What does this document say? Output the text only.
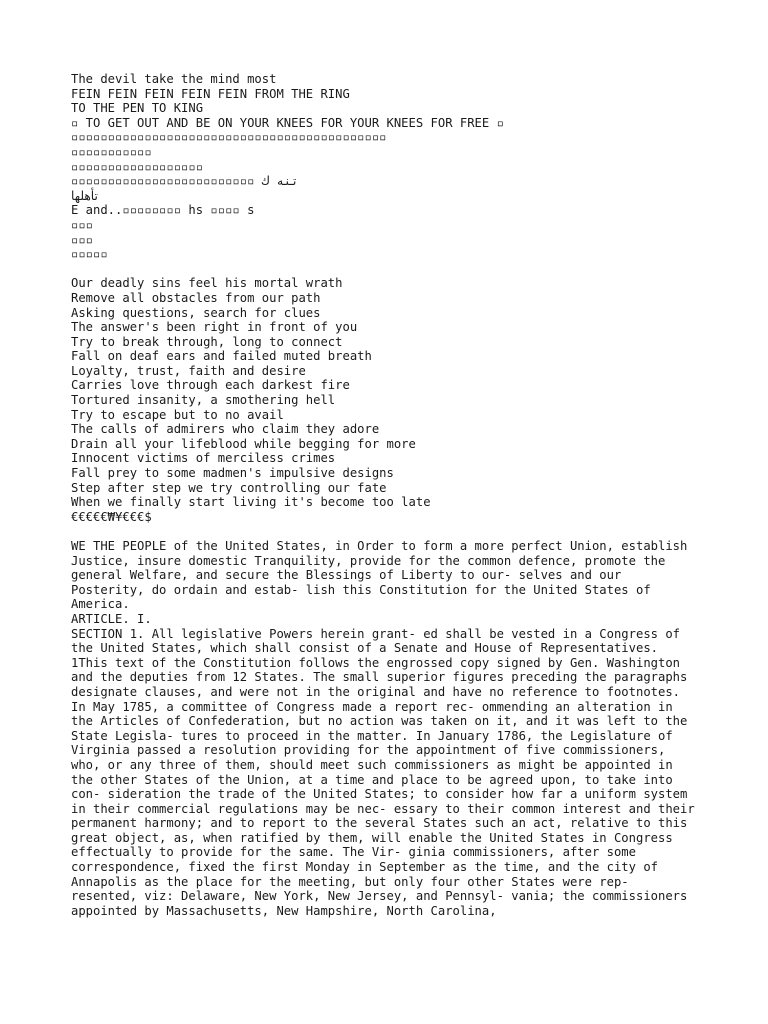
The devil take the mind most
FEIN FEIN FEIN FEIN FEIN FROM THE RING
TO THE PEN TO KING
▫ TO GET OUT AND BE ON YOUR KNEES FOR YOUR KNEES FOR FREE ▫
▫▫▫▫▫▫▫▫▫▫▫▫▫▫▫▫▫▫▫▫▫▫▫▫▫▫▫▫▫▫▫▫▫▫▫▫▫▫▫▫▫▫▫
▫▫▫▫▫▫▫▫▫▫▫
▫▫▫▫▫▫▫▫▫▫▫▫▫▫▫▫▫▫
▫▫▫▫▫▫▫▫▫▫▫▫▫▫▫▫▫▫▫▫▫▫▫▫▫ تنه ك
تأهلها
E and..▫▫▫▫▫▫▫▫ hs ▫▫▫▫ s
▫▫▫
▫▫▫
▫▫▫▫▫
Our deadly sins feel his mortal wrath
Remove all obstacles from our path
Asking questions, search for clues
The answer's been right in front of you
Try to break through, long to connect
Fall on deaf ears and failed muted breath
Loyalty, trust, faith and desire
Carries love through each darkest fire
Tortured insanity, a smothering hell
Try to escape but to no avail
The calls of admirers who claim they adore
Drain all your lifeblood while begging for more
Innocent victims of merciless crimes
Fall prey to some madmen's impulsive designs
Step after step we try controlling our fate
When we finally start living it's become too late
€€€€€₩¥€€€$
WE THE PEOPLE of the United States, in Order to form a more perfect Union, establish Justice, insure domestic Tranquility, provide for the common defence, promote the general Welfare, and secure the Blessings of Liberty to our- selves and our Posterity, do ordain and estab- lish this Constitution for the United States of America.
ARTICLE. I.
SECTION 1. All legislative Powers herein grant- ed shall be vested in a Congress of the United States, which shall consist of a Senate and House of Representatives.
1This text of the Constitution follows the engrossed copy signed by Gen. Washington and the deputies from 12 States. The small superior figures preceding the paragraphs designate clauses, and were not in the original and have no reference to footnotes.
In May 1785, a committee of Congress made a report rec- ommending an alteration in the Articles of Confederation, but no action was taken on it, and it was left to the State Legisla- tures to proceed in the matter. In January 1786, the Legislature of Virginia passed a resolution providing for the appointment of five commissioners, who, or any three of them, should meet such commissioners as might be appointed in the other States of the Union, at a time and place to be agreed upon, to take into con- sideration the trade of the United States; to consider how far a uniform system in their commercial regulations may be nec- essary to their common interest and their permanent harmony; and to report to the several States such an act, relative to this great object, as, when ratified by them, will enable the United States in Congress effectually to provide for the same. The Vir- ginia commissioners, after some correspondence, fixed the first Monday in September as the time, and the city of Annapolis as the place for the meeting, but only four other States were rep- resented, viz: Delaware, New York, New Jersey, and Pennsyl- vania; the commissioners appointed by Massachusetts, New Hampshire, North Carolina,
